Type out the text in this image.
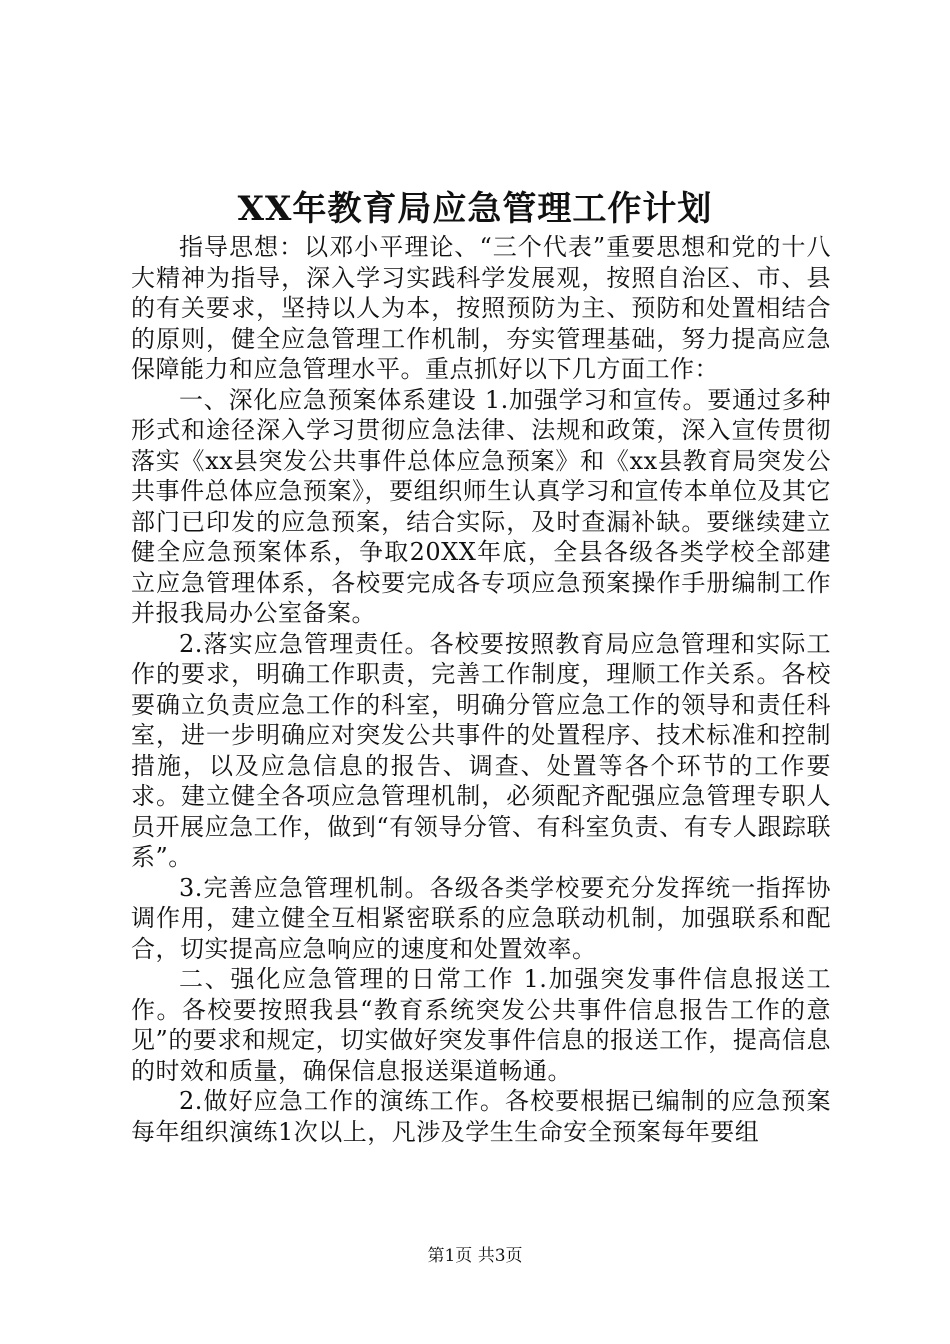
XX年教育局应急管理工作计划

指导思想：以邓小平理论、“三个代表”重要思想和党的十八大精神为指导，深入学习实践科学发展观，按照自治区、市、县的有关要求，坚持以人为本，按照预防为主、预防和处置相结合的原则，健全应急管理工作机制，夯实管理基础，努力提高应急保障能力和应急管理水平。重点抓好以下几方面工作：

一、深化应急预案体系建设 1.加强学习和宣传。要通过多种形式和途径深入学习贯彻应急法律、法规和政策，深入宣传贯彻落实《xx县突发公共事件总体应急预案》和《xx县教育局突发公共事件总体应急预案》，要组织师生认真学习和宣传本单位及其它部门已印发的应急预案，结合实际，及时查漏补缺。要继续建立健全应急预案体系，争取20XX年底，全县各级各类学校全部建立应急管理体系，各校要完成各专项应急预案操作手册编制工作并报我局办公室备案。

2.落实应急管理责任。各校要按照教育局应急管理和实际工作的要求，明确工作职责，完善工作制度，理顺工作关系。各校要确立负责应急工作的科室，明确分管应急工作的领导和责任科室，进一步明确应对突发公共事件的处置程序、技术标准和控制措施，以及应急信息的报告、调查、处置等各个环节的工作要求。建立健全各项应急管理机制，必须配齐配强应急管理专职人员开展应急工作，做到“有领导分管、有科室负责、有专人跟踪联系”。

3.完善应急管理机制。各级各类学校要充分发挥统一指挥协调作用，建立健全互相紧密联系的应急联动机制，加强联系和配合，切实提高应急响应的速度和处置效率。

二、强化应急管理的日常工作 1.加强突发事件信息报送工作。各校要按照我县“教育系统突发公共事件信息报告工作的意见”的要求和规定，切实做好突发事件信息的报送工作，提高信息的时效和质量，确保信息报送渠道畅通。

2.做好应急工作的演练工作。各校要根据已编制的应急预案每年组织演练1次以上，凡涉及学生生命安全预案每年要组

第1页 共3页
